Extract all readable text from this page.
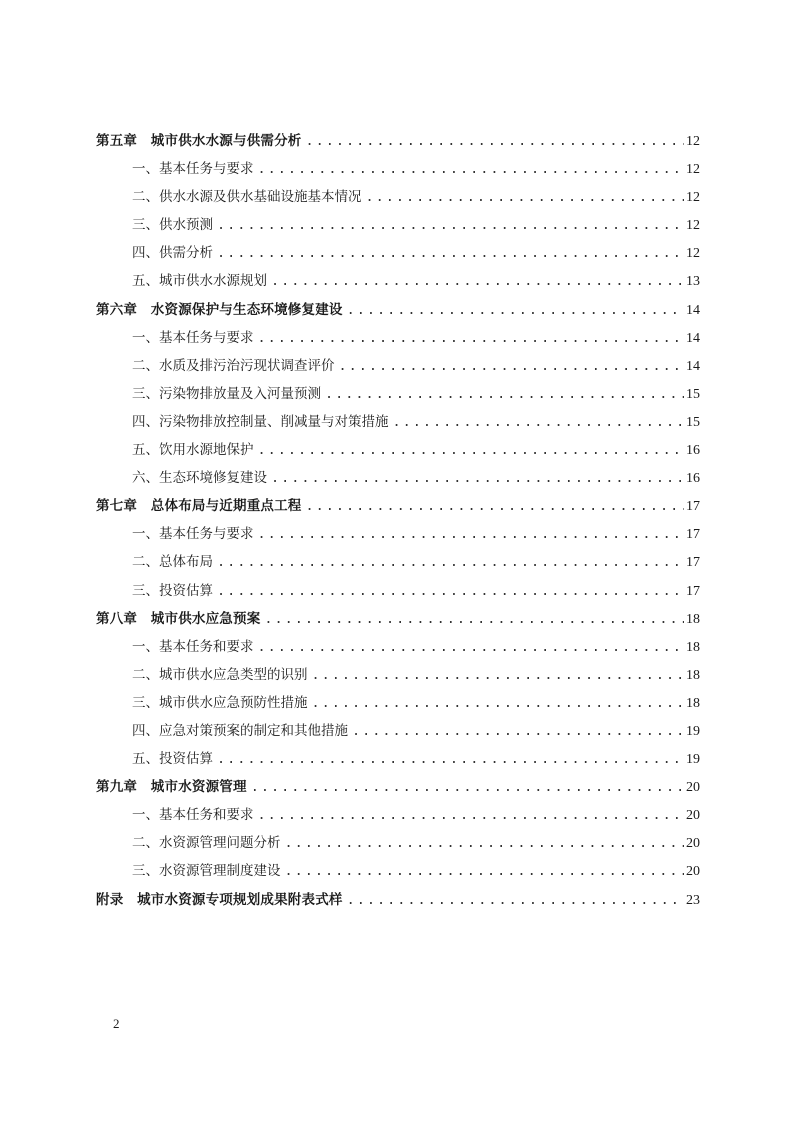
第五章　城市供水水源与供需分析 .....	12
一、基本任务与要求 .....	12
二、供水水源及供水基础设施基本情况 .....	12
三、供水预测 .....	12
四、供需分析 .....	12
五、城市供水水源规划 .....	13
第六章　水资源保护与生态环境修复建设 .....	14
一、基本任务与要求 .....	14
二、水质及排污治污现状调查评价 .....	14
三、污染物排放量及入河量预测 .....	15
四、污染物排放控制量、削减量与对策措施 .....	15
五、饮用水源地保护 .....	16
六、生态环境修复建设 .....	16
第七章　总体布局与近期重点工程 .....	17
一、基本任务与要求 .....	17
二、总体布局 .....	17
三、投资估算 .....	17
第八章　城市供水应急预案 .....	18
一、基本任务和要求 .....	18
二、城市供水应急类型的识别 .....	18
三、城市供水应急预防性措施 .....	18
四、应急对策预案的制定和其他措施 .....	19
五、投资估算 .....	19
第九章　城市水资源管理 .....	20
一、基本任务和要求 .....	20
二、水资源管理问题分析 .....	20
三、水资源管理制度建设 .....	20
附录　城市水资源专项规划成果附表式样 .....	23
2
